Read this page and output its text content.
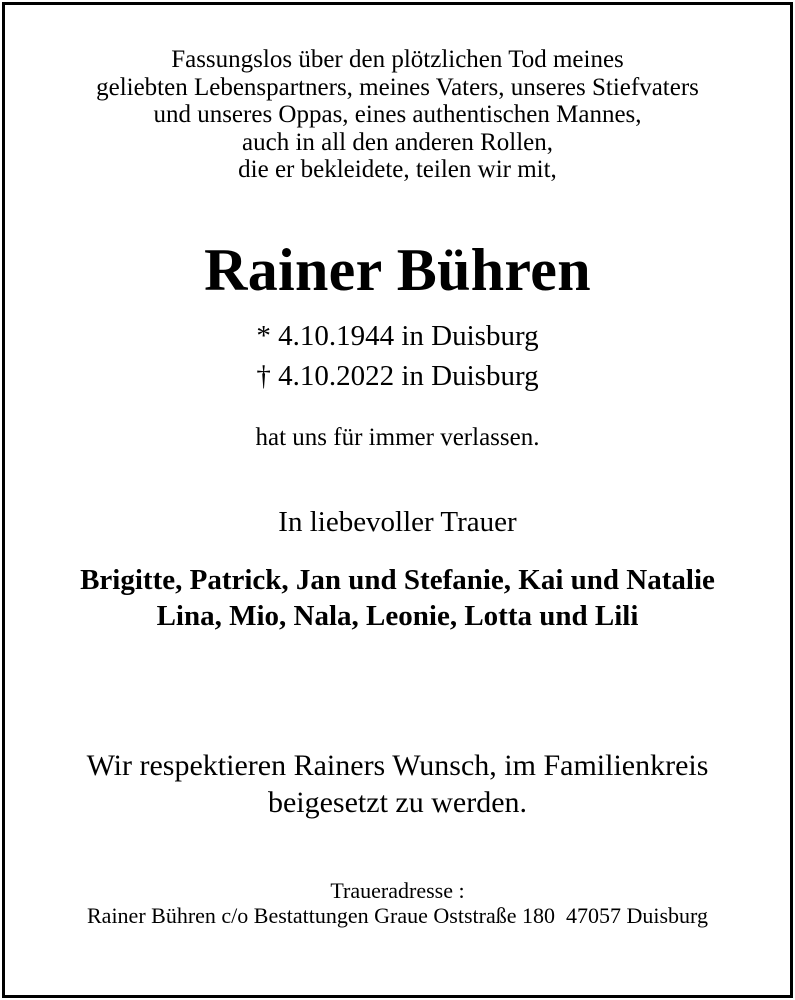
Fassungslos über den plötzlichen Tod meines
geliebten Lebenspartners, meines Vaters, unseres Stiefvaters
und unseres Oppas, eines authentischen Mannes,
auch in all den anderen Rollen,
die er bekleidete, teilen wir mit,
Rainer Bühren
* 4.10.1944 in Duisburg
† 4.10.2022 in Duisburg
hat uns für immer verlassen.
In liebevoller Trauer
Brigitte, Patrick, Jan und Stefanie, Kai und Natalie
Lina, Mio, Nala, Leonie, Lotta und Lili
Wir respektieren Rainers Wunsch, im Familienkreis
beigesetzt zu werden.
Traueradresse :
Rainer Bühren c/o Bestattungen Graue Oststraße 180  47057 Duisburg
